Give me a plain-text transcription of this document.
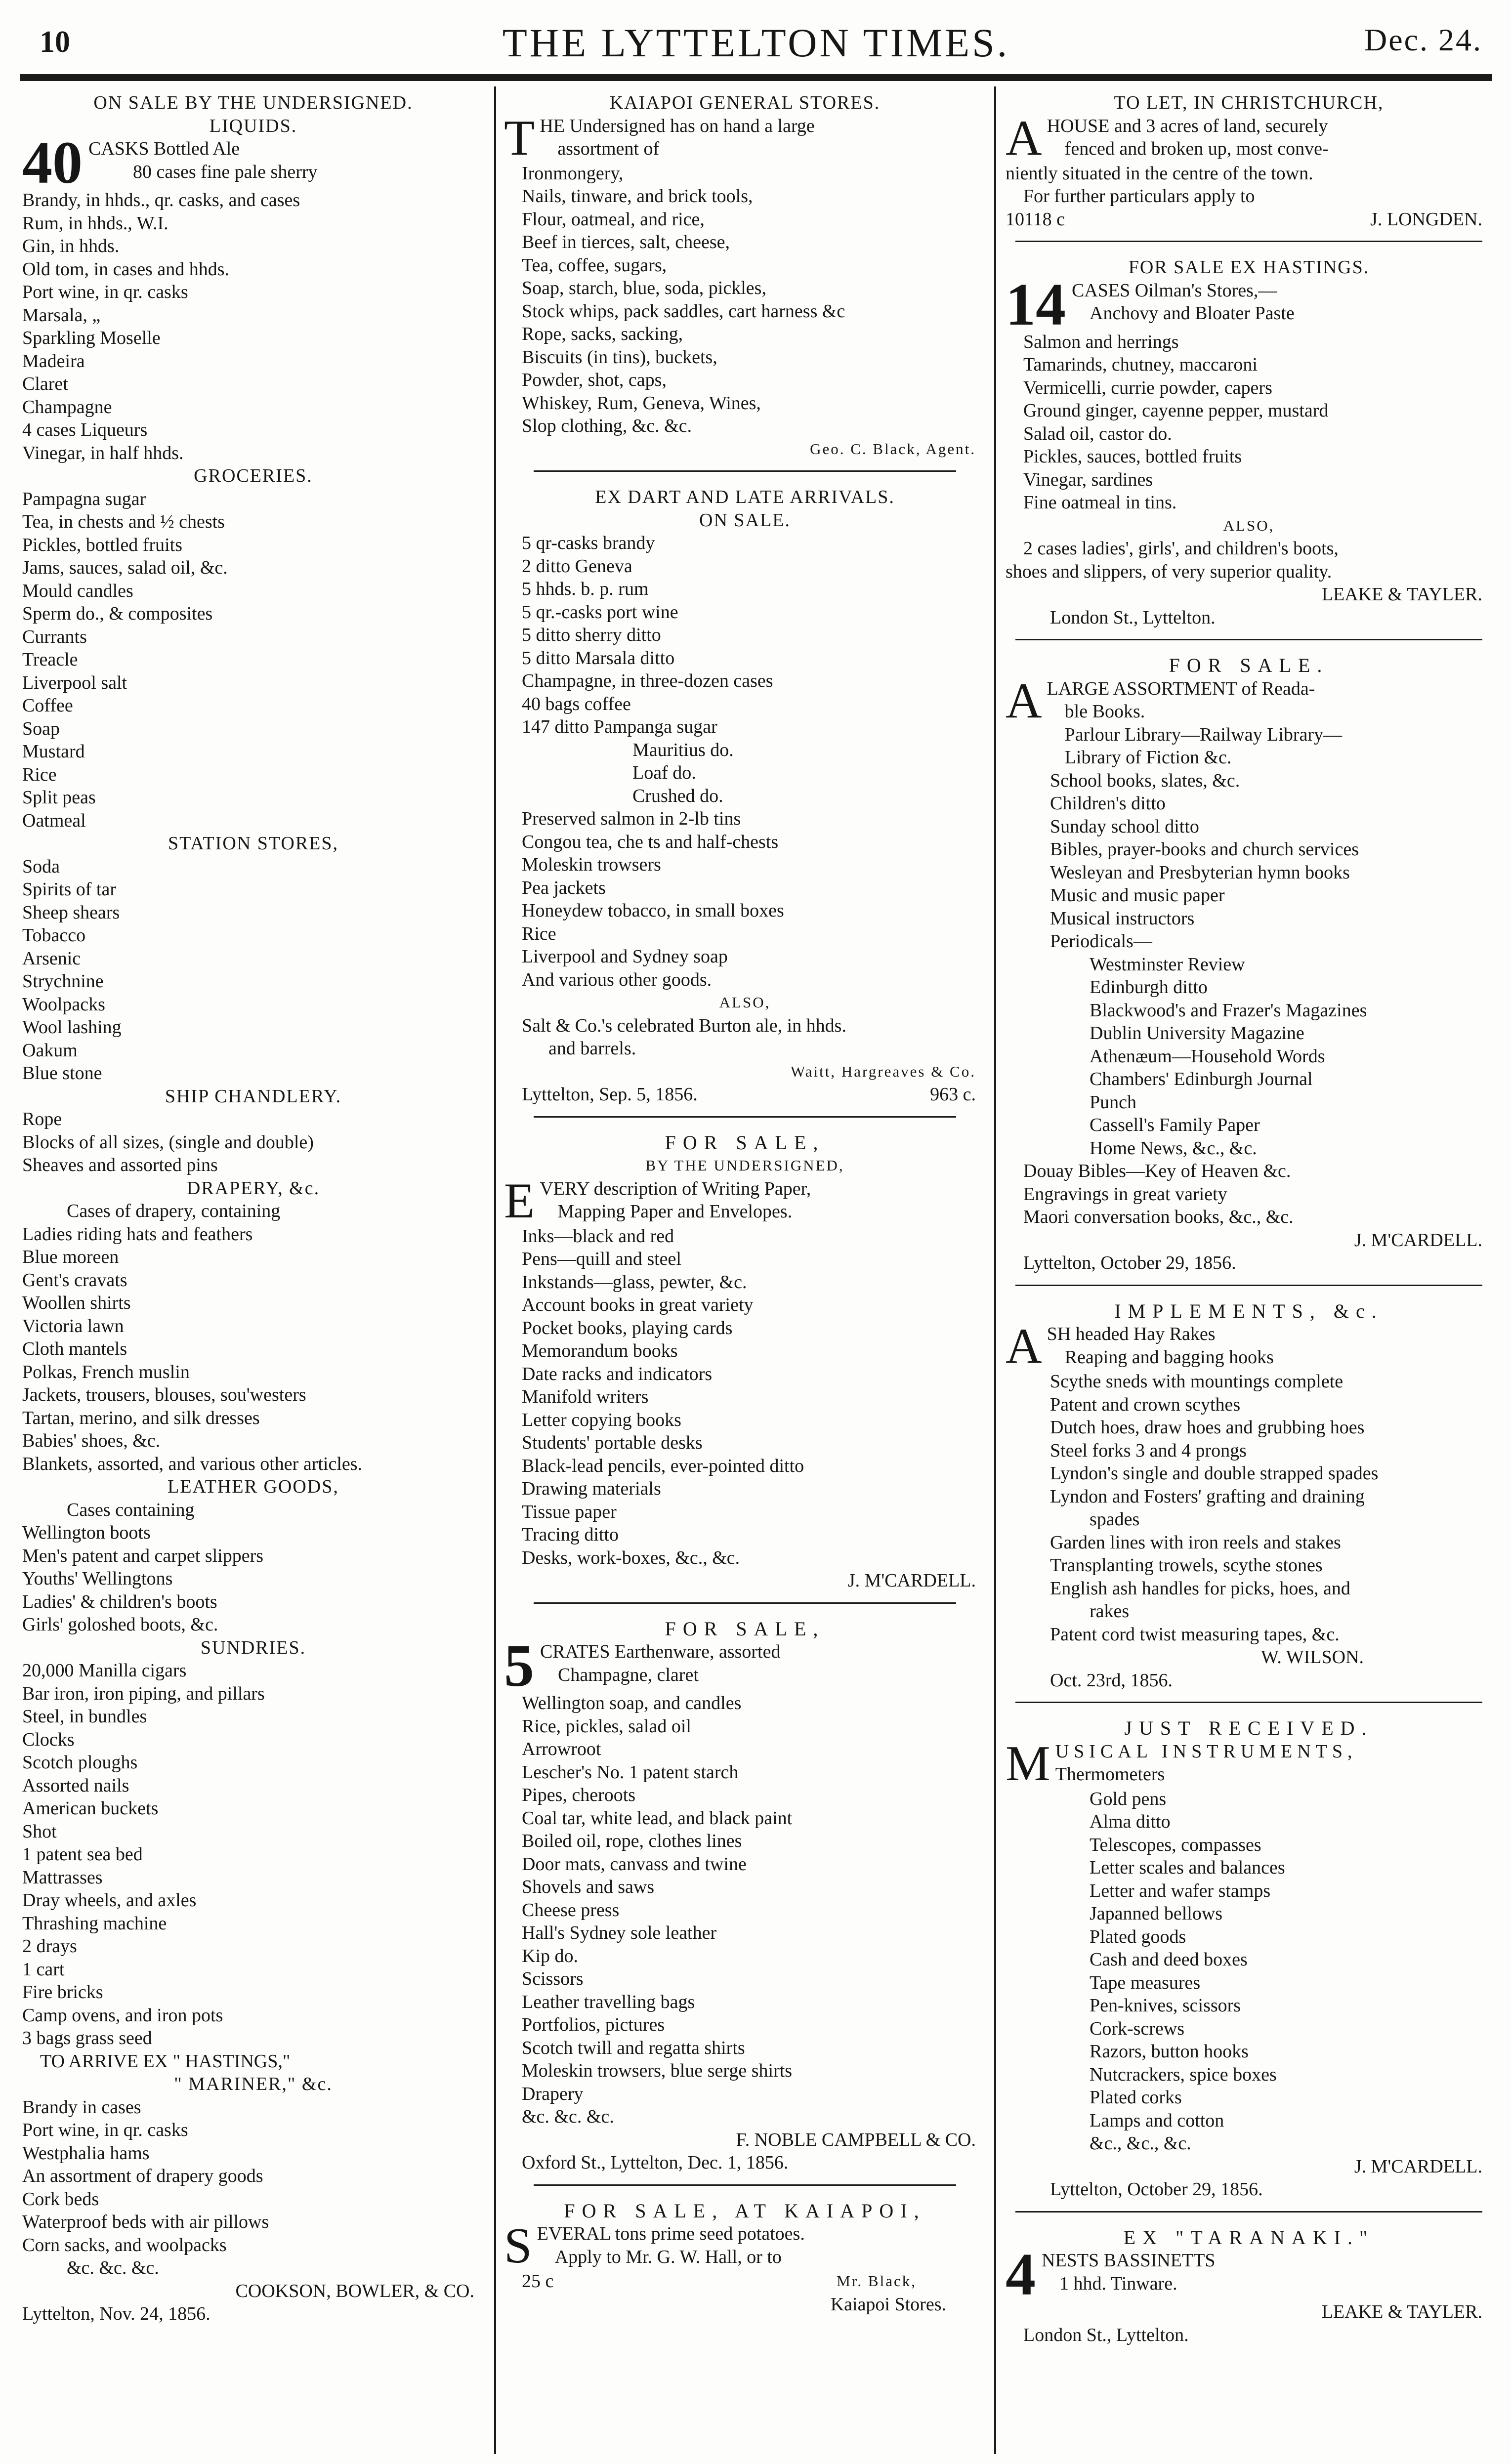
10	THE LYTTELTON TIMES.	Dec. 24.
ON SALE BY THE UNDERSIGNED.
LIQUIDS.
40 CASKS Bottled Ale
80 cases fine pale sherry
Brandy, in hhds., qr. casks, and cases
Rum, in hhds., W.I.
Gin, in hhds.
Old tom, in cases and hhds.
Port wine, in qr. casks
Marsala, „
Sparkling Moselle
Madeira
Claret
Champagne
4 cases Liqueurs
Vinegar, in half hhds.
GROCERIES.
Pampagna sugar
Tea, in chests and ½ chests
Pickles, bottled fruits
Jams, sauces, salad oil, &c.
Mould candles
Sperm do., & composites
Currants
Treacle
Liverpool salt
Coffee
Soap
Mustard
Rice
Split peas
Oatmeal
STATION STORES,
Soda
Spirits of tar
Sheep shears
Tobacco
Arsenic
Strychnine
Woolpacks
Wool lashing
Oakum
Blue stone
SHIP CHANDLERY.
Rope
Blocks of all sizes, (single and double)
Sheaves and assorted pins
DRAPERY, &c.
Cases of drapery, containing
Ladies riding hats and feathers
Blue moreen
Gent's cravats
Woollen shirts
Victoria lawn
Cloth mantels
Polkas, French muslin
Jackets, trousers, blouses, sou'westers
Tartan, merino, and silk dresses
Babies' shoes, &c.
Blankets, assorted, and various other articles.
LEATHER GOODS,
Cases containing
Wellington boots
Men's patent and carpet slippers
Youths' Wellingtons
Ladies' & children's boots
Girls' goloshed boots, &c.
SUNDRIES.
20,000 Manilla cigars
Bar iron, iron piping, and pillars
Steel, in bundles
Clocks
Scotch ploughs
Assorted nails
American buckets
Shot
1 patent sea bed
Mattrasses
Dray wheels, and axles
Thrashing machine
2 drays
1 cart
Fire bricks
Camp ovens, and iron pots
3 bags grass seed
TO ARRIVE EX " HASTINGS,"
" MARINER," &c.
Brandy in cases
Port wine, in qr. casks
Westphalia hams
An assortment of drapery goods
Cork beds
Waterproof beds with air pillows
Corn sacks, and woolpacks
&c. &c. &c.
COOKSON, BOWLER, & CO.
Lyttelton, Nov. 24, 1856.
KAIAPOI GENERAL STORES.
T HE Undersigned has on hand a large
assortment of
Ironmongery,
Nails, tinware, and brick tools,
Flour, oatmeal, and rice,
Beef in tierces, salt, cheese,
Tea, coffee, sugars,
Soap, starch, blue, soda, pickles,
Stock whips, pack saddles, cart harness &c
Rope, sacks, sacking,
Biscuits (in tins), buckets,
Powder, shot, caps,
Whiskey, Rum, Geneva, Wines,
Slop clothing, &c. &c.
Geo. C. Black, Agent.
EX DART AND LATE ARRIVALS.
ON SALE.
5 qr-casks brandy
2 ditto Geneva
5 hhds. b. p. rum
5 qr.-casks port wine
5 ditto sherry ditto
5 ditto Marsala ditto
Champagne, in three-dozen cases
40 bags coffee
147 ditto Pampanga sugar
Mauritius do.
Loaf do.
Crushed do.
Preserved salmon in 2-lb tins
Congou tea, che ts and half-chests
Moleskin trowsers
Pea jackets
Honeydew tobacco, in small boxes
Rice
Liverpool and Sydney soap
And various other goods.
ALSO,
Salt & Co.'s celebrated Burton ale, in hhds.
and barrels.
Waitt, Hargreaves & Co.
Lyttelton, Sep. 5, 1856.	963 c.
FOR SALE,
BY THE UNDERSIGNED,
E VERY description of Writing Paper,
Mapping Paper and Envelopes.
Inks—black and red
Pens—quill and steel
Inkstands—glass, pewter, &c.
Account books in great variety
Pocket books, playing cards
Memorandum books
Date racks and indicators
Manifold writers
Letter copying books
Students' portable desks
Black-lead pencils, ever-pointed ditto
Drawing materials
Tissue paper
Tracing ditto
Desks, work-boxes, &c., &c.
J. M'CARDELL.
FOR SALE,
5 CRATES Earthenware, assorted
Champagne, claret
Wellington soap, and candles
Rice, pickles, salad oil
Arrowroot
Lescher's No. 1 patent starch
Pipes, cheroots
Coal tar, white lead, and black paint
Boiled oil, rope, clothes lines
Door mats, canvass and twine
Shovels and saws
Cheese press
Hall's Sydney sole leather
Kip do.
Scissors
Leather travelling bags
Portfolios, pictures
Scotch twill and regatta shirts
Moleskin trowsers, blue serge shirts
Drapery
&c. &c. &c.
F. NOBLE CAMPBELL & CO.
Oxford St., Lyttelton, Dec. 1, 1856.
FOR SALE, AT KAIAPOI,
S EVERAL tons prime seed potatoes.
Apply to Mr. G. W. Hall, or to
25 c	Mr. Black,
Kaiapoi Stores.
TO LET, IN CHRISTCHURCH,
A HOUSE and 3 acres of land, securely
fenced and broken up, most conve-
niently situated in the centre of the town.
For further particulars apply to
10118 c	J. LONGDEN.
FOR SALE EX HASTINGS.
14 CASES Oilman's Stores,—
Anchovy and Bloater Paste
Salmon and herrings
Tamarinds, chutney, maccaroni
Vermicelli, currie powder, capers
Ground ginger, cayenne pepper, mustard
Salad oil, castor do.
Pickles, sauces, bottled fruits
Vinegar, sardines
Fine oatmeal in tins.
ALSO,
2 cases ladies', girls', and children's boots,
shoes and slippers, of very superior quality.
LEAKE & TAYLER.
London St., Lyttelton.
FOR SALE.
A LARGE ASSORTMENT of Reada-
ble Books.
Parlour Library—Railway Library—
Library of Fiction &c.
School books, slates, &c.
Children's ditto
Sunday school ditto
Bibles, prayer-books and church services
Wesleyan and Presbyterian hymn books
Music and music paper
Musical instructors
Periodicals—
Westminster Review
Edinburgh ditto
Blackwood's and Frazer's Magazines
Dublin University Magazine
Athenæum—Household Words
Chambers' Edinburgh Journal
Punch
Cassell's Family Paper
Home News, &c., &c.
Douay Bibles—Key of Heaven &c.
Engravings in great variety
Maori conversation books, &c., &c.
J. M'CARDELL.
Lyttelton, October 29, 1856.
IMPLEMENTS, &c.
A SH headed Hay Rakes
Reaping and bagging hooks
Scythe sneds with mountings complete
Patent and crown scythes
Dutch hoes, draw hoes and grubbing hoes
Steel forks 3 and 4 prongs
Lyndon's single and double strapped spades
Lyndon and Fosters' grafting and draining
spades
Garden lines with iron reels and stakes
Transplanting trowels, scythe stones
English ash handles for picks, hoes, and
rakes
Patent cord twist measuring tapes, &c.
W. WILSON.
Oct. 23rd, 1856.
JUST RECEIVED.
M USICAL INSTRUMENTS,
Thermometers
Gold pens
Alma ditto
Telescopes, compasses
Letter scales and balances
Letter and wafer stamps
Japanned bellows
Plated goods
Cash and deed boxes
Tape measures
Pen-knives, scissors
Cork-screws
Razors, button hooks
Nutcrackers, spice boxes
Plated corks
Lamps and cotton
&c., &c., &c.
J. M'CARDELL.
Lyttelton, October 29, 1856.
EX "TARANAKI."
4 NESTS BASSINETTS
1 hhd. Tinware.
LEAKE & TAYLER.
London St., Lyttelton.
